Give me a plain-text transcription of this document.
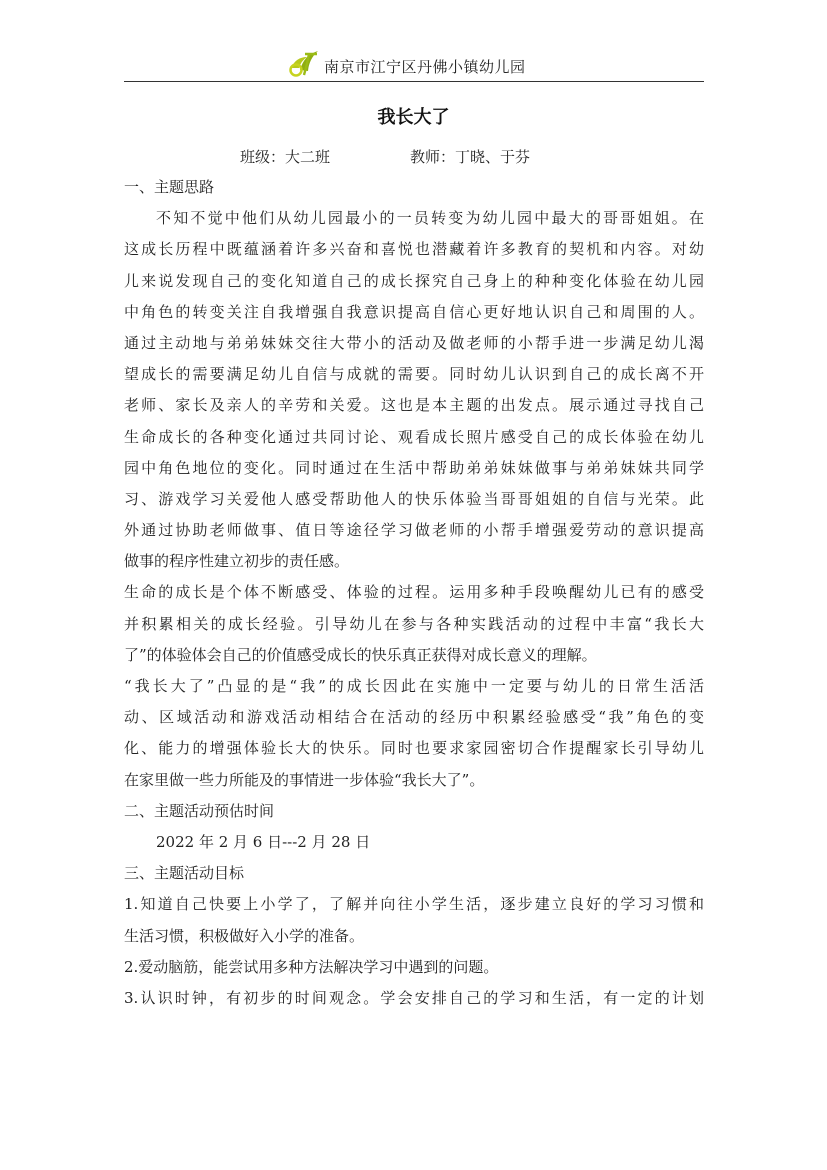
南京市江宁区丹佛小镇幼儿园
我长大了
班级：大二班	教师：丁晓、于芬
一、主题思路
不知不觉中他们从幼儿园最小的一员转变为幼儿园中最大的哥哥姐姐。在
这成长历程中既蕴涵着许多兴奋和喜悦也潜藏着许多教育的契机和内容。对幼
儿来说发现自己的变化知道自己的成长探究自己身上的种种变化体验在幼儿园
中角色的转变关注自我增强自我意识提高自信心更好地认识自己和周围的人。
通过主动地与弟弟妹妹交往大带小的活动及做老师的小帮手进一步满足幼儿渴
望成长的需要满足幼儿自信与成就的需要。同时幼儿认识到自己的成长离不开
老师、家长及亲人的辛劳和关爱。这也是本主题的出发点。展示通过寻找自己
生命成长的各种变化通过共同讨论、观看成长照片感受自己的成长体验在幼儿
园中角色地位的变化。同时通过在生活中帮助弟弟妹妹做事与弟弟妹妹共同学
习、游戏学习关爱他人感受帮助他人的快乐体验当哥哥姐姐的自信与光荣。此
外通过协助老师做事、值日等途径学习做老师的小帮手增强爱劳动的意识提高
做事的程序性建立初步的责任感。
生命的成长是个体不断感受、体验的过程。运用多种手段唤醒幼儿已有的感受
并积累相关的成长经验。引导幼儿在参与各种实践活动的过程中丰富“我长大
了”的体验体会自己的价值感受成长的快乐真正获得对成长意义的理解。
“我长大了”凸显的是“我”的成长因此在实施中一定要与幼儿的日常生活活
动、区域活动和游戏活动相结合在活动的经历中积累经验感受“我”角色的变
化、能力的增强体验长大的快乐。同时也要求家园密切合作提醒家长引导幼儿
在家里做一些力所能及的事情进一步体验“我长大了”。
二、主题活动预估时间
2022 年 2 月 6 日---2 月 28 日
三、主题活动目标
1.知道自己快要上小学了，了解并向往小学生活，逐步建立良好的学习习惯和
生活习惯，积极做好入小学的准备。
2.爱动脑筋，能尝试用多种方法解决学习中遇到的问题。
3.认识时钟，有初步的时间观念。学会安排自己的学习和生活，有一定的计划
